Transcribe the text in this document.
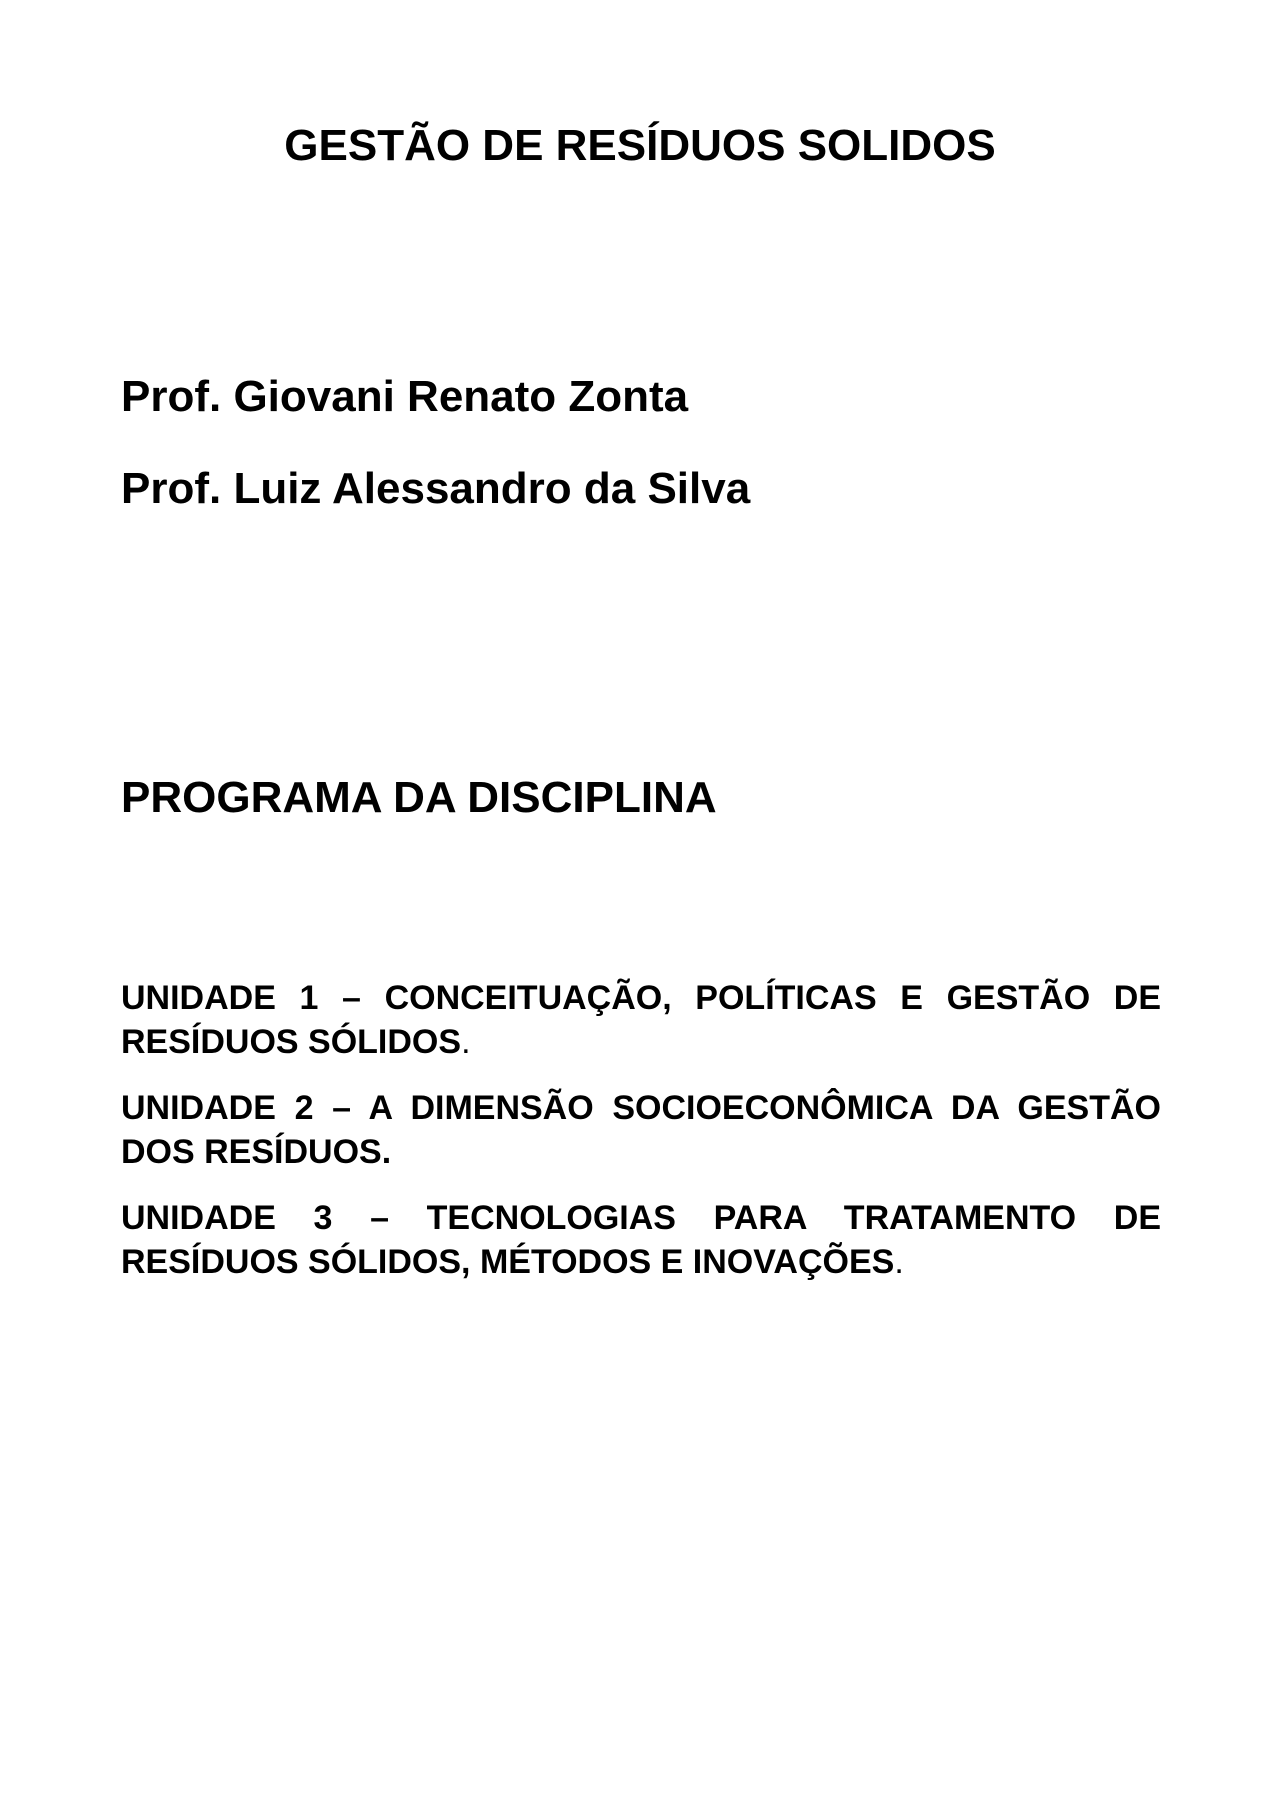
GESTÃO DE RESÍDUOS SOLIDOS

Prof. Giovani Renato Zonta

Prof. Luiz Alessandro da Silva

PROGRAMA DA DISCIPLINA
UNIDADE 1 – CONCEITUAÇÃO, POLÍTICAS E GESTÃO DE RESÍDUOS SÓLIDOS.
UNIDADE 2 – A DIMENSÃO SOCIOECONÔMICA DA GESTÃO DOS RESÍDUOS.
UNIDADE 3 – TECNOLOGIAS PARA TRATAMENTO DE RESÍDUOS SÓLIDOS, MÉTODOS E INOVAÇÕES.
